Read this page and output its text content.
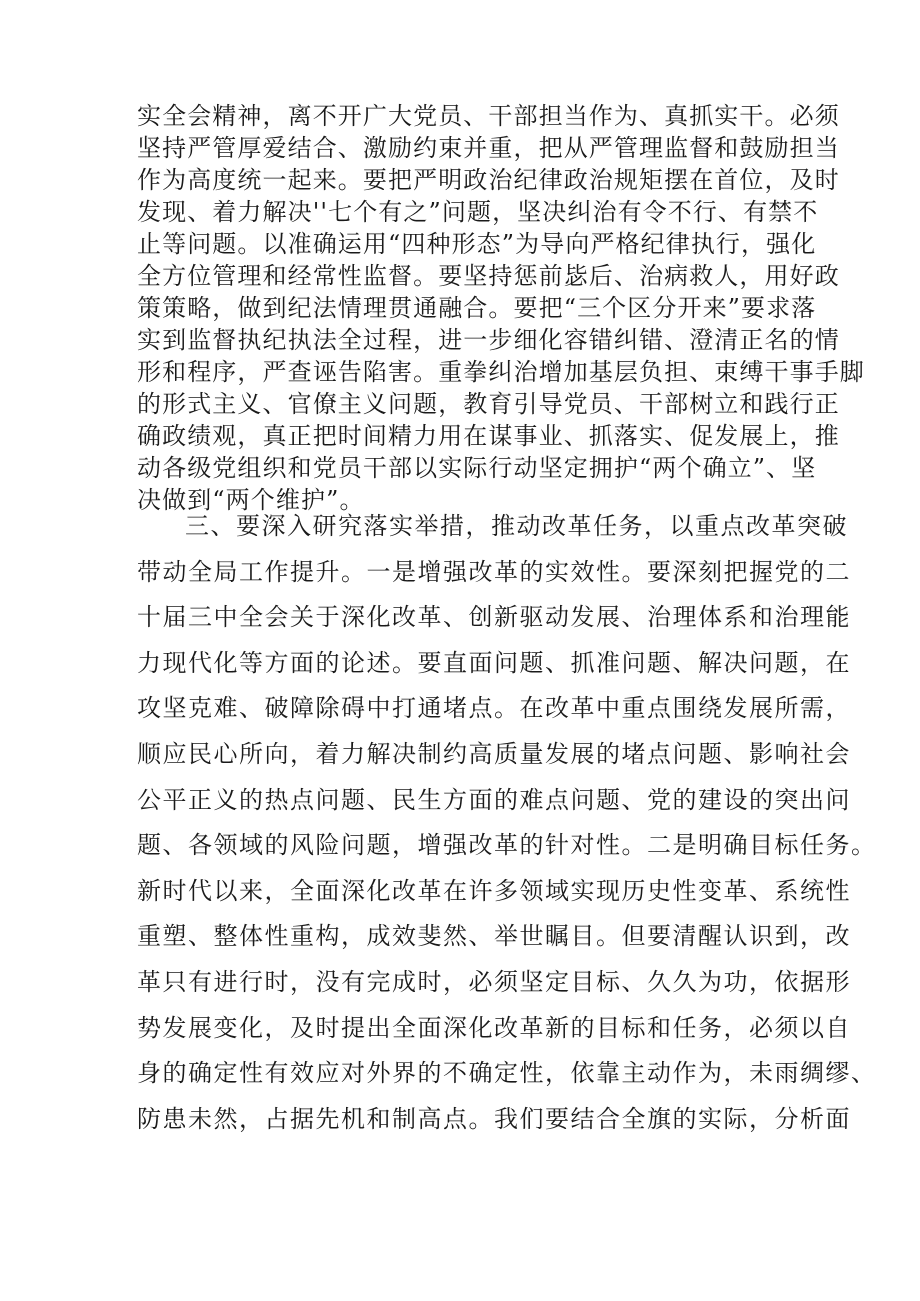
实全会精神，离不开广大党员、干部担当作为、真抓实干。必须
坚持严管厚爱结合、激励约束并重，把从严管理监督和鼓励担当
作为高度统一起来。要把严明政治纪律政治规矩摆在首位，及时
发现、着力解决''七个有之”问题，坚决纠治有令不行、有禁不
止等问题。以准确运用“四种形态”为导向严格纪律执行，强化
全方位管理和经常性监督。要坚持惩前毖后、治病救人，用好政
策策略，做到纪法情理贯通融合。要把“三个区分开来”要求落
实到监督执纪执法全过程，进一步细化容错纠错、澄清正名的情
形和程序，严查诬告陷害。重拳纠治增加基层负担、束缚干事手脚
的形式主义、官僚主义问题，教育引导党员、干部树立和践行正
确政绩观，真正把时间精力用在谋事业、抓落实、促发展上，推
动各级党组织和党员干部以实际行动坚定拥护“两个确立”、坚
决做到“两个维护”。
三、要深入研究落实举措，推动改革任务，以重点改革突破
带动全局工作提升。一是增强改革的实效性。要深刻把握党的二
十届三中全会关于深化改革、创新驱动发展、治理体系和治理能
力现代化等方面的论述。要直面问题、抓准问题、解决问题，在
攻坚克难、破障除碍中打通堵点。在改革中重点围绕发展所需，
顺应民心所向，着力解决制约高质量发展的堵点问题、影响社会
公平正义的热点问题、民生方面的难点问题、党的建设的突出问
题、各领域的风险问题，增强改革的针对性。二是明确目标任务。
新时代以来，全面深化改革在许多领域实现历史性变革、系统性
重塑、整体性重构，成效斐然、举世瞩目。但要清醒认识到，改
革只有进行时，没有完成时，必须坚定目标、久久为功，依据形
势发展变化，及时提出全面深化改革新的目标和任务，必须以自
身的确定性有效应对外界的不确定性，依靠主动作为，未雨绸缪、
防患未然，占据先机和制高点。我们要结合全旗的实际，分析面
